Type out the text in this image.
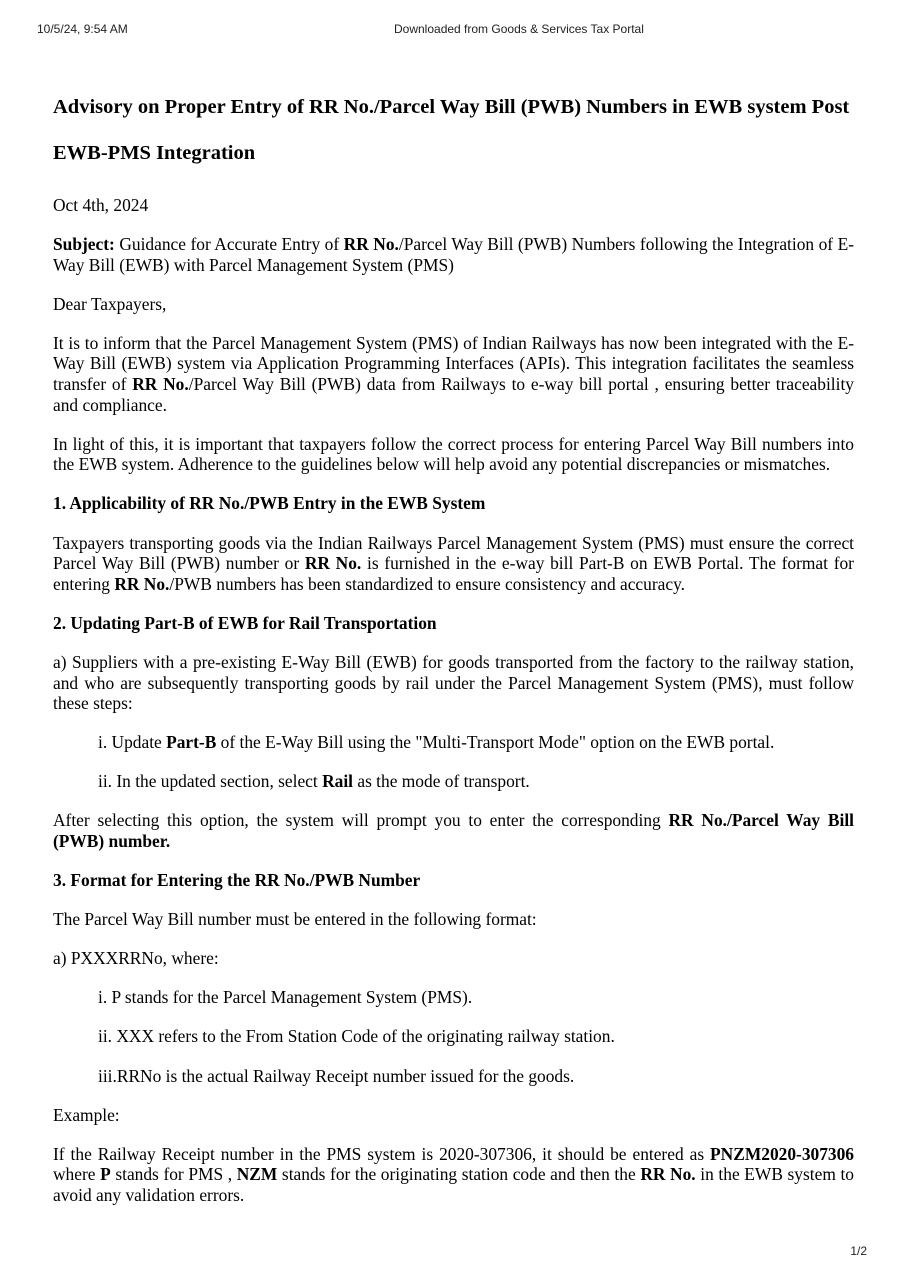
10/5/24, 9:54 AM	Downloaded from Goods & Services Tax Portal
Advisory on Proper Entry of RR No./Parcel Way Bill (PWB) Numbers in EWB system Post EWB-PMS Integration

Oct 4th, 2024

Subject: Guidance for Accurate Entry of RR No./Parcel Way Bill (PWB) Numbers following the Integration of E-Way Bill (EWB) with Parcel Management System (PMS)

Dear Taxpayers,

It is to inform that the Parcel Management System (PMS) of Indian Railways has now been integrated with the E-Way Bill (EWB) system via Application Programming Interfaces (APIs). This integration facilitates the seamless transfer of RR No./Parcel Way Bill (PWB) data from Railways to e-way bill portal , ensuring better traceability and compliance.

In light of this, it is important that taxpayers follow the correct process for entering Parcel Way Bill numbers into the EWB system. Adherence to the guidelines below will help avoid any potential discrepancies or mismatches.

1. Applicability of RR No./PWB Entry in the EWB System

Taxpayers transporting goods via the Indian Railways Parcel Management System (PMS) must ensure the correct Parcel Way Bill (PWB) number or RR No. is furnished in the e-way bill Part-B on EWB Portal. The format for entering RR No./PWB numbers has been standardized to ensure consistency and accuracy.

2. Updating Part-B of EWB for Rail Transportation

a) Suppliers with a pre-existing E-Way Bill (EWB) for goods transported from the factory to the railway station, and who are subsequently transporting goods by rail under the Parcel Management System (PMS), must follow these steps:

i. Update Part-B of the E-Way Bill using the "Multi-Transport Mode" option on the EWB portal.

ii. In the updated section, select Rail as the mode of transport.

After selecting this option, the system will prompt you to enter the corresponding RR No./Parcel Way Bill (PWB) number.

3. Format for Entering the RR No./PWB Number

The Parcel Way Bill number must be entered in the following format:

a) PXXXRRNo, where:

i. P stands for the Parcel Management System (PMS).

ii. XXX refers to the From Station Code of the originating railway station.

iii.RRNo is the actual Railway Receipt number issued for the goods.

Example:

If the Railway Receipt number in the PMS system is 2020-307306, it should be entered as PNZM2020-307306 where P stands for PMS , NZM stands for the originating station code and then the RR No. in the EWB system to avoid any validation errors.

1/2
